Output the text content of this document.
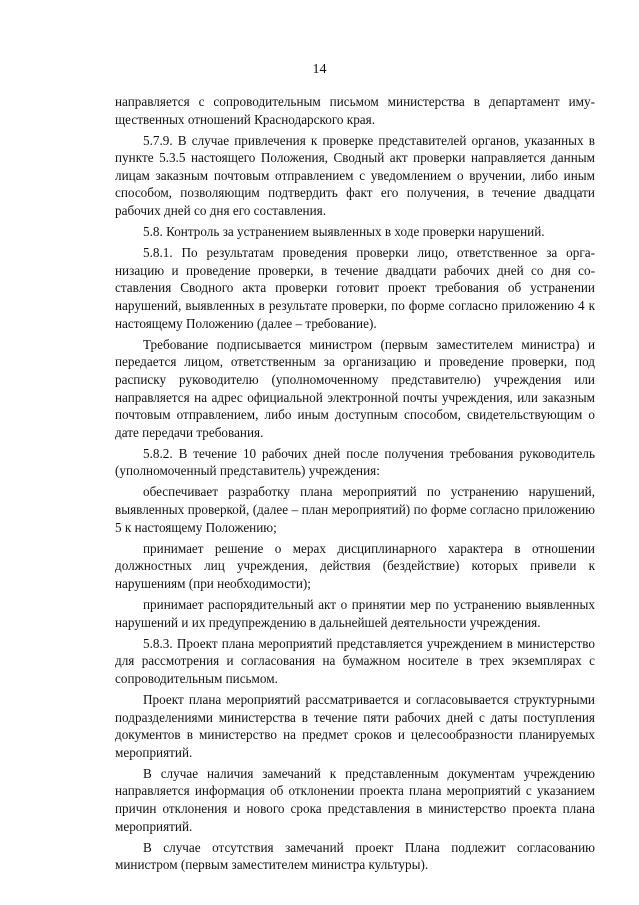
14

направляется с сопроводительным письмом министерства в департамент имущественных отношений Краснодарского края.

5.7.9. В случае привлечения к проверке представителей органов, указанных в пункте 5.3.5 настоящего Положения, Сводный акт проверки направляется данным лицам заказным почтовым отправлением с уведомлением о вручении, либо иным способом, позволяющим подтвердить факт его получения, в течение двадцати рабочих дней со дня его составления.

5.8. Контроль за устранением выявленных в ходе проверки нарушений.

5.8.1. По результатам проведения проверки лицо, ответственное за организацию и проведение проверки, в течение двадцати рабочих дней со дня составления Сводного акта проверки готовит проект требования об устранении нарушений, выявленных в результате проверки, по форме согласно приложению 4 к настоящему Положению (далее – требование).

Требование подписывается министром (первым заместителем министра) и передается лицом, ответственным за организацию и проведение проверки, под расписку руководителю (уполномоченному представителю) учреждения или направляется на адрес официальной электронной почты учреждения, или заказным почтовым отправлением, либо иным доступным способом, свидетельствующим о дате передачи требования.

5.8.2. В течение 10 рабочих дней после получения требования руководитель (уполномоченный представитель) учреждения:

обеспечивает разработку плана мероприятий по устранению нарушений, выявленных проверкой, (далее – план мероприятий) по форме согласно приложению 5 к настоящему Положению;

принимает решение о мерах дисциплинарного характера в отношении должностных лиц учреждения, действия (бездействие) которых привели к нарушениям (при необходимости);

принимает распорядительный акт о принятии мер по устранению выявленных нарушений и их предупреждению в дальнейшей деятельности учреждения.

5.8.3. Проект плана мероприятий представляется учреждением в министерство для рассмотрения и согласования на бумажном носителе в трех экземплярах с сопроводительным письмом.

Проект плана мероприятий рассматривается и согласовывается структурными подразделениями министерства в течение пяти рабочих дней с даты поступления документов в министерство на предмет сроков и целесообразности планируемых мероприятий.

В случае наличия замечаний к представленным документам учреждению направляется информация об отклонении проекта плана мероприятий с указанием причин отклонения и нового срока представления в министерство проекта плана мероприятий.

В случае отсутствия замечаний проект Плана подлежит согласованию министром (первым заместителем министра культуры).
